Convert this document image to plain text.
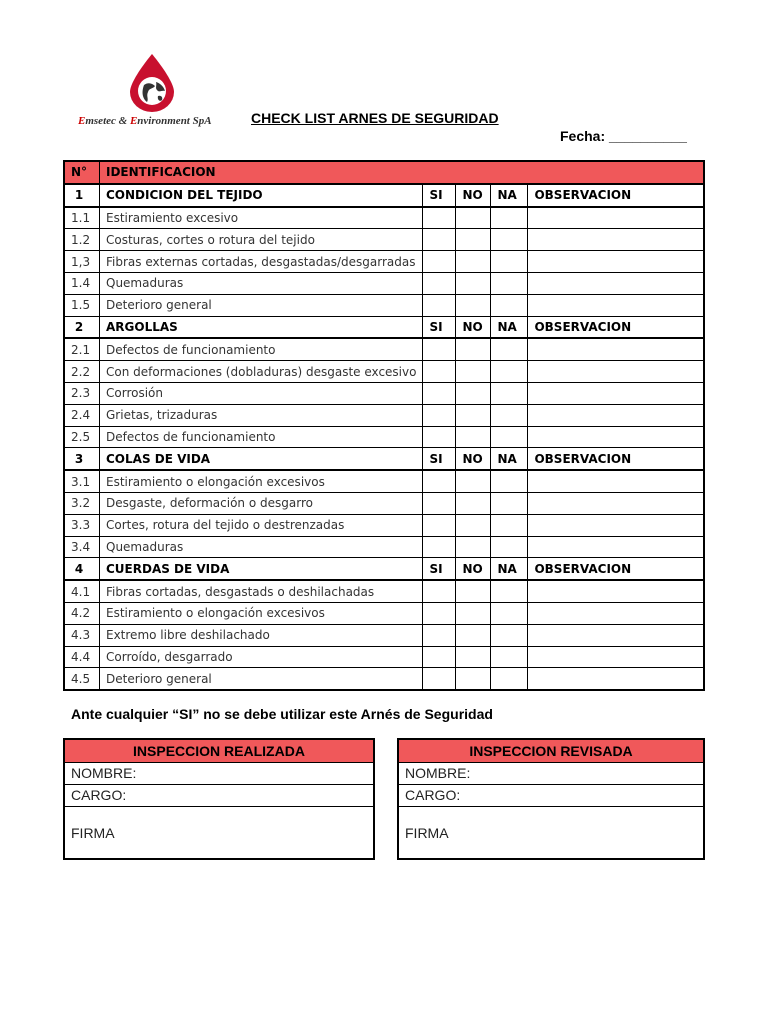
Emsetec & Environment SpA	CHECK LIST ARNES DE SEGURIDAD
Fecha: __________
N°	IDENTIFICACION				
1	CONDICION DEL TEJIDO	SI	NO	NA	OBSERVACION
1.1	Estiramiento excesivo				
1.2	Costuras, cortes o rotura del tejido				
1,3	Fibras externas cortadas, desgastadas/desgarradas				
1.4	Quemaduras				
1.5	Deterioro general				
2	ARGOLLAS	SI	NO	NA	OBSERVACION
2.1	Defectos de funcionamiento				
2.2	Con deformaciones (dobladuras) desgaste excesivo				
2.3	Corrosión				
2.4	Grietas, trizaduras				
2.5	Defectos de funcionamiento				
3	COLAS DE VIDA	SI	NO	NA	OBSERVACION
3.1	Estiramiento o elongación excesivos				
3.2	Desgaste, deformación o desgarro				
3.3	Cortes, rotura del tejido o destrenzadas				
3.4	Quemaduras				
4	CUERDAS DE VIDA	SI	NO	NA	OBSERVACION
4.1	Fibras cortadas, desgastads o deshilachadas				
4.2	Estiramiento o elongación excesivos				
4.3	Extremo libre deshilachado				
4.4	Corroído, desgarrado				
4.5	Deterioro general				
Ante cualquier “SI” no se debe utilizar este Arnés de Seguridad
INSPECCION REALIZADA
NOMBRE:
CARGO:
FIRMA
INSPECCION REVISADA
NOMBRE:
CARGO:
FIRMA
